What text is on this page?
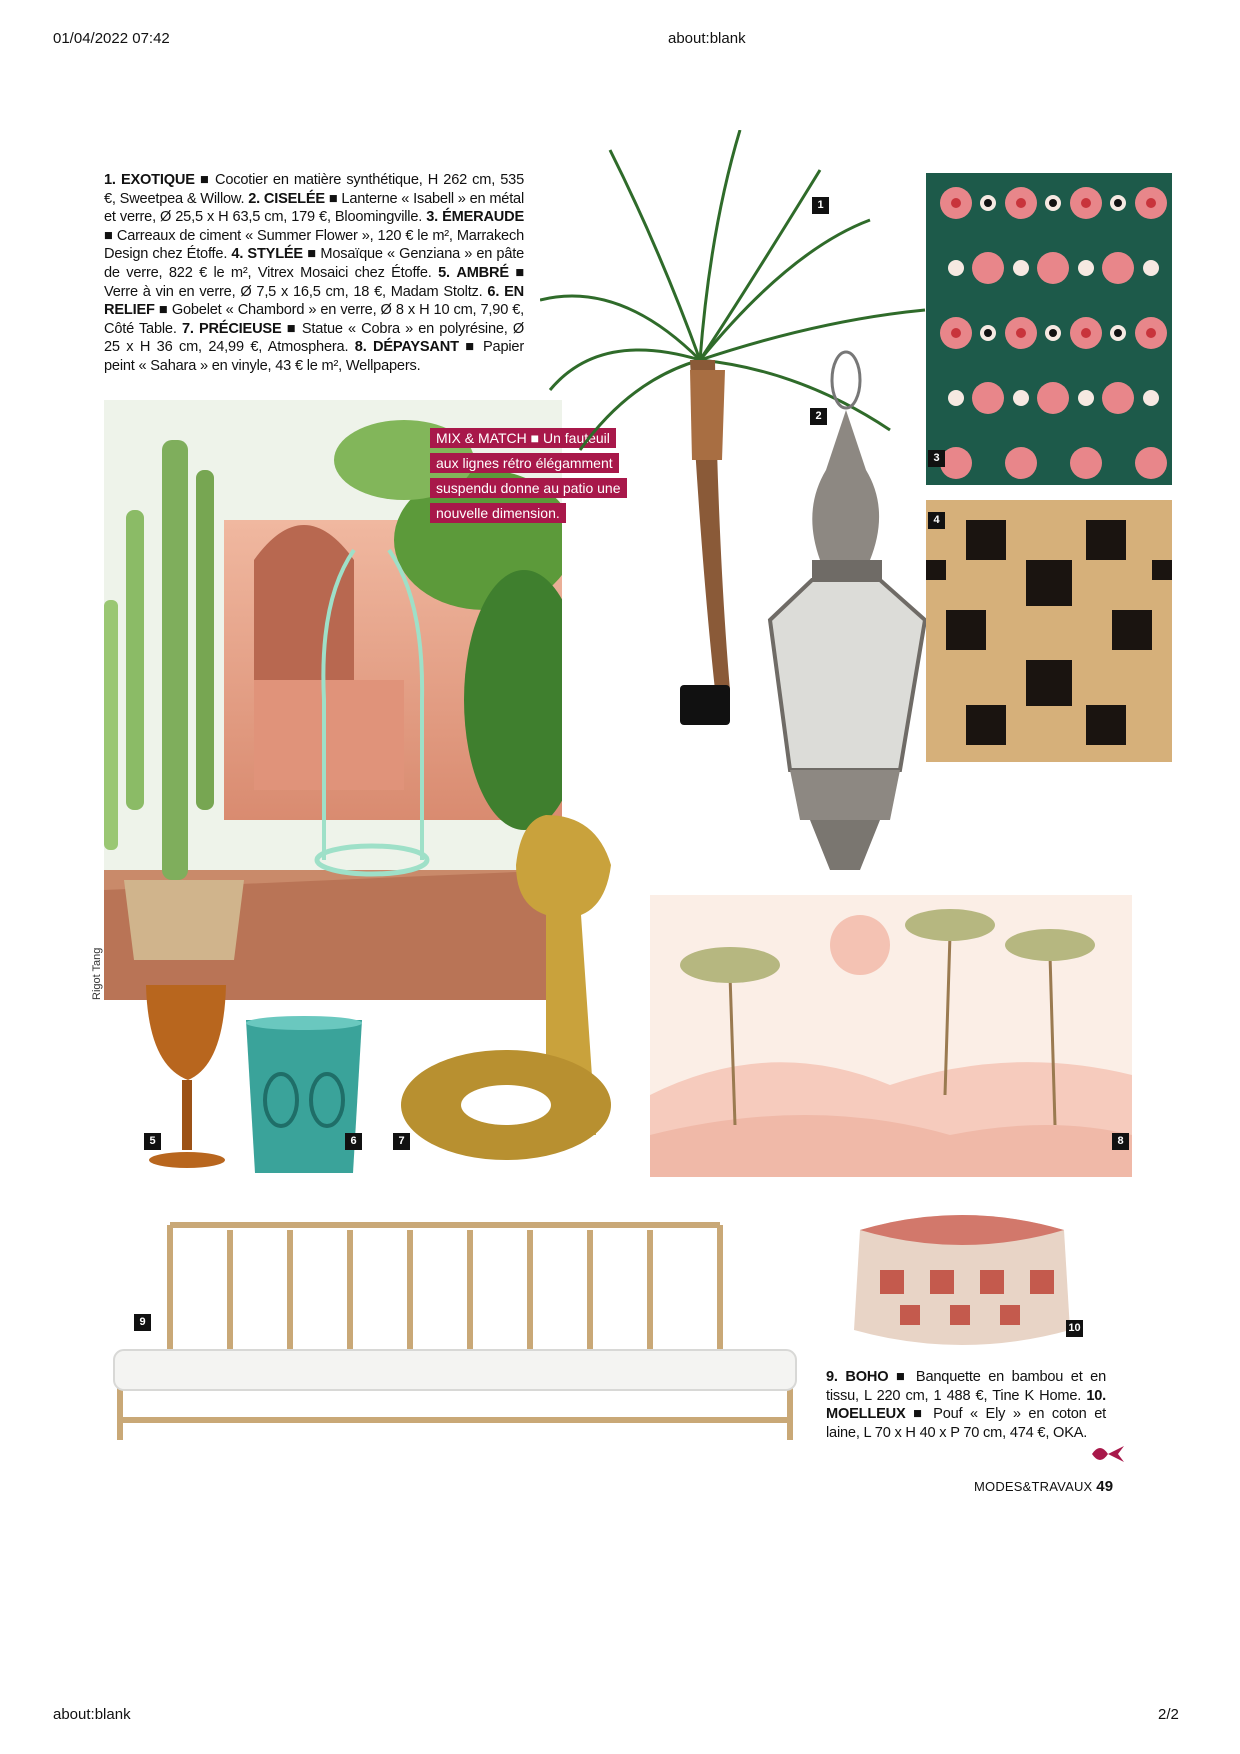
01/04/2022 07:42	about:blank
1. EXOTIQUE ■ Cocotier en matière synthétique, H 262 cm, 535 €, Sweetpea & Willow. 2. CISELÉE ■ Lanterne « Isabell » en métal et verre, Ø 25,5 x H 63,5 cm, 179 €, Bloomingville. 3. ÉMERAUDE ■ Carreaux de ciment « Summer Flower », 120 € le m², Marrakech Design chez Étoffe. 4. STYLÉE ■ Mosaïque « Genziana » en pâte de verre, 822 € le m², Vitrex Mosaici chez Étoffe. 5. AMBRÉ ■ Verre à vin en verre, Ø 7,5 x 16,5 cm, 18 €, Madam Stoltz. 6. EN RELIEF ■ Gobelet « Chambord » en verre, Ø 8 x H 10 cm, 7,90 €, Côté Table. 7. PRÉCIEUSE ■ Statue « Cobra » en polyrésine, Ø 25 x H 36 cm, 24,99 €, Atmosphera. 8. DÉPAYSANT ■ Papier peint « Sahara » en vinyle, 43 € le m², Wellpapers.
Rigot Tang
MIX & MATCH ■ Un fauteuil
aux lignes rétro élégamment
suspendu donne au patio une
nouvelle dimension.
1
2
3
4
5	6	7	8
9	10
9. BOHO ■ Banquette en bambou et en tissu, L 220 cm, 1 488 €, Tine K Home. 10. MOELLEUX ■ Pouf « Ely » en coton et laine, L 70 x H 40 x P 70 cm, 474 €, OKA.
MODES&TRAVAUX 49
about:blank	2/2
